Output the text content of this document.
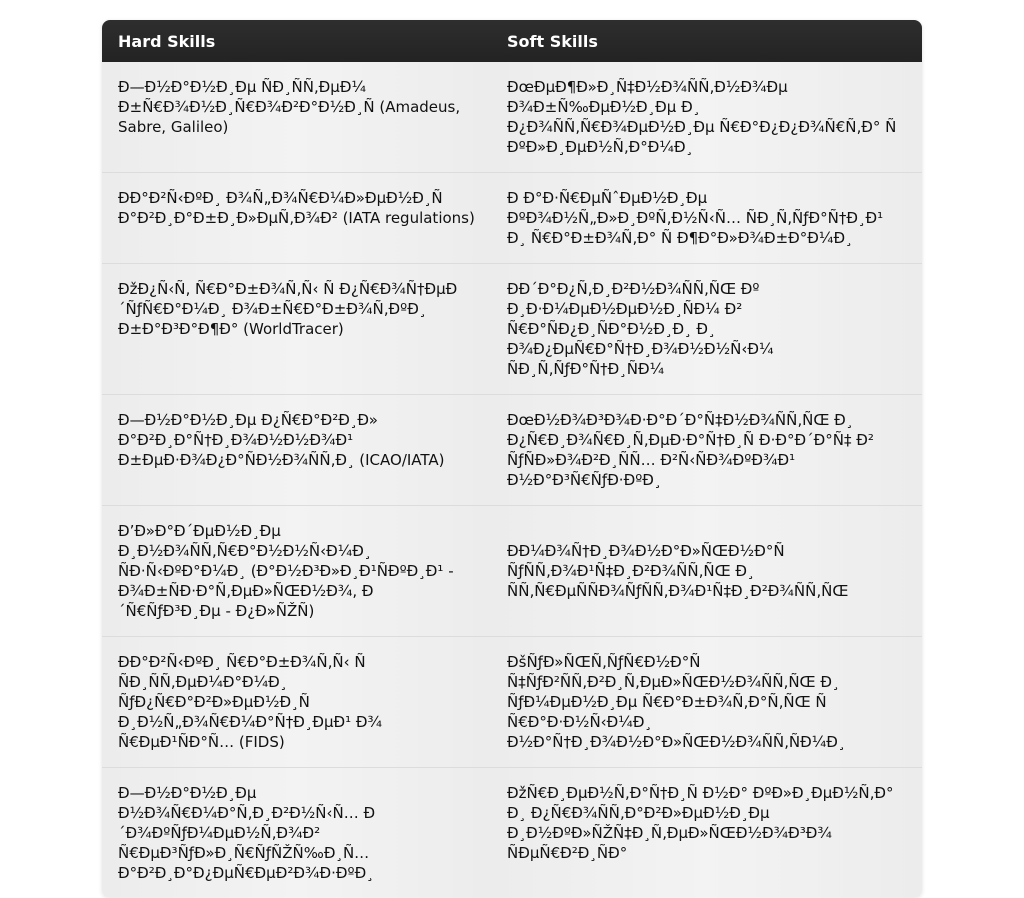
Hard Skills	Soft Skills
Ð—Ð½Ð°Ð½Ð¸Ðµ ÑÐ¸ÑÑ‚ÐµÐ¼ Ð±Ñ€Ð¾Ð½Ð¸Ñ€Ð¾Ð²Ð°Ð½Ð¸Ñ (Amadeus, Sabre, Galileo)	ÐœÐµÐ¶Ð»Ð¸Ñ‡Ð½Ð¾ÑÑ‚Ð½Ð¾Ðµ Ð¾Ð±Ñ‰ÐµÐ½Ð¸Ðµ Ð¸ Ð¿Ð¾ÑÑ‚Ñ€Ð¾ÐµÐ½Ð¸Ðµ Ñ€Ð°Ð¿Ð¿Ð¾Ñ€Ñ‚Ð° Ñ ÐºÐ»Ð¸ÐµÐ½Ñ‚Ð°Ð¼Ð¸
ÐÐ°Ð²Ñ‹ÐºÐ¸ Ð¾Ñ„Ð¾Ñ€Ð¼Ð»ÐµÐ½Ð¸Ñ Ð°Ð²Ð¸Ð°Ð±Ð¸Ð»ÐµÑ‚Ð¾Ð² (IATA regulations)	Ð Ð°Ð·Ñ€ÐµÑˆÐµÐ½Ð¸Ðµ ÐºÐ¾Ð½Ñ„Ð»Ð¸ÐºÑ‚Ð½Ñ‹Ñ… ÑÐ¸Ñ‚ÑƒÐ°Ñ†Ð¸Ð¹ Ð¸ Ñ€Ð°Ð±Ð¾Ñ‚Ð° Ñ Ð¶Ð°Ð»Ð¾Ð±Ð°Ð¼Ð¸
ÐžÐ¿Ñ‹Ñ‚ Ñ€Ð°Ð±Ð¾Ñ‚Ñ‹ Ñ Ð¿Ñ€Ð¾Ñ†ÐµÐ´ÑƒÑ€Ð°Ð¼Ð¸ Ð¾Ð±Ñ€Ð°Ð±Ð¾Ñ‚ÐºÐ¸ Ð±Ð°Ð³Ð°Ð¶Ð° (WorldTracer)	ÐÐ´Ð°Ð¿Ñ‚Ð¸Ð²Ð½Ð¾ÑÑ‚ÑŒ Ðº Ð¸Ð·Ð¼ÐµÐ½ÐµÐ½Ð¸ÑÐ¼ Ð² Ñ€Ð°ÑÐ¿Ð¸ÑÐ°Ð½Ð¸Ð¸ Ð¸ Ð¾Ð¿ÐµÑ€Ð°Ñ†Ð¸Ð¾Ð½Ð½Ñ‹Ð¼ ÑÐ¸Ñ‚ÑƒÐ°Ñ†Ð¸ÑÐ¼
Ð—Ð½Ð°Ð½Ð¸Ðµ Ð¿Ñ€Ð°Ð²Ð¸Ð» Ð°Ð²Ð¸Ð°Ñ†Ð¸Ð¾Ð½Ð½Ð¾Ð¹ Ð±ÐµÐ·Ð¾Ð¿Ð°ÑÐ½Ð¾ÑÑ‚Ð¸ (ICAO/IATA)	ÐœÐ½Ð¾Ð³Ð¾Ð·Ð°Ð´Ð°Ñ‡Ð½Ð¾ÑÑ‚ÑŒ Ð¸ Ð¿Ñ€Ð¸Ð¾Ñ€Ð¸Ñ‚ÐµÐ·Ð°Ñ†Ð¸Ñ Ð·Ð°Ð´Ð°Ñ‡ Ð² ÑƒÑÐ»Ð¾Ð²Ð¸ÑÑ… Ð²Ñ‹ÑÐ¾ÐºÐ¾Ð¹ Ð½Ð°Ð³Ñ€ÑƒÐ·ÐºÐ¸
Ð’Ð»Ð°Ð´ÐµÐ½Ð¸Ðµ Ð¸Ð½Ð¾ÑÑ‚Ñ€Ð°Ð½Ð½Ñ‹Ð¼Ð¸ ÑÐ·Ñ‹ÐºÐ°Ð¼Ð¸ (Ð°Ð½Ð³Ð»Ð¸Ð¹ÑÐºÐ¸Ð¹ - Ð¾Ð±ÑÐ·Ð°Ñ‚ÐµÐ»ÑŒÐ½Ð¾, Ð´Ñ€ÑƒÐ³Ð¸Ðµ - Ð¿Ð»ÑŽÑ)	ÐÐ¼Ð¾Ñ†Ð¸Ð¾Ð½Ð°Ð»ÑŒÐ½Ð°Ñ ÑƒÑÑ‚Ð¾Ð¹Ñ‡Ð¸Ð²Ð¾ÑÑ‚ÑŒ Ð¸ ÑÑ‚Ñ€ÐµÑÑÐ¾ÑƒÑÑ‚Ð¾Ð¹Ñ‡Ð¸Ð²Ð¾ÑÑ‚ÑŒ
ÐÐ°Ð²Ñ‹ÐºÐ¸ Ñ€Ð°Ð±Ð¾Ñ‚Ñ‹ Ñ ÑÐ¸ÑÑ‚ÐµÐ¼Ð°Ð¼Ð¸ ÑƒÐ¿Ñ€Ð°Ð²Ð»ÐµÐ½Ð¸Ñ Ð¸Ð½Ñ„Ð¾Ñ€Ð¼Ð°Ñ†Ð¸ÐµÐ¹ Ð¾ Ñ€ÐµÐ¹ÑÐ°Ñ… (FIDS)	ÐšÑƒÐ»ÑŒÑ‚ÑƒÑ€Ð½Ð°Ñ Ñ‡ÑƒÐ²ÑÑ‚Ð²Ð¸Ñ‚ÐµÐ»ÑŒÐ½Ð¾ÑÑ‚ÑŒ Ð¸ ÑƒÐ¼ÐµÐ½Ð¸Ðµ Ñ€Ð°Ð±Ð¾Ñ‚Ð°Ñ‚ÑŒ Ñ Ñ€Ð°Ð·Ð½Ñ‹Ð¼Ð¸ Ð½Ð°Ñ†Ð¸Ð¾Ð½Ð°Ð»ÑŒÐ½Ð¾ÑÑ‚ÑÐ¼Ð¸
Ð—Ð½Ð°Ð½Ð¸Ðµ Ð½Ð¾Ñ€Ð¼Ð°Ñ‚Ð¸Ð²Ð½Ñ‹Ñ… Ð´Ð¾ÐºÑƒÐ¼ÐµÐ½Ñ‚Ð¾Ð² Ñ€ÐµÐ³ÑƒÐ»Ð¸Ñ€ÑƒÑŽÑ‰Ð¸Ñ… Ð°Ð²Ð¸Ð°Ð¿ÐµÑ€ÐµÐ²Ð¾Ð·ÐºÐ¸	ÐžÑ€Ð¸ÐµÐ½Ñ‚Ð°Ñ†Ð¸Ñ Ð½Ð° ÐºÐ»Ð¸ÐµÐ½Ñ‚Ð° Ð¸ Ð¿Ñ€Ð¾ÑÑ‚Ð°Ð²Ð»ÐµÐ½Ð¸Ðµ Ð¸Ð½ÐºÐ»ÑŽÑ‡Ð¸Ñ‚ÐµÐ»ÑŒÐ½Ð¾Ð³Ð¾ ÑÐµÑ€Ð²Ð¸ÑÐ°
